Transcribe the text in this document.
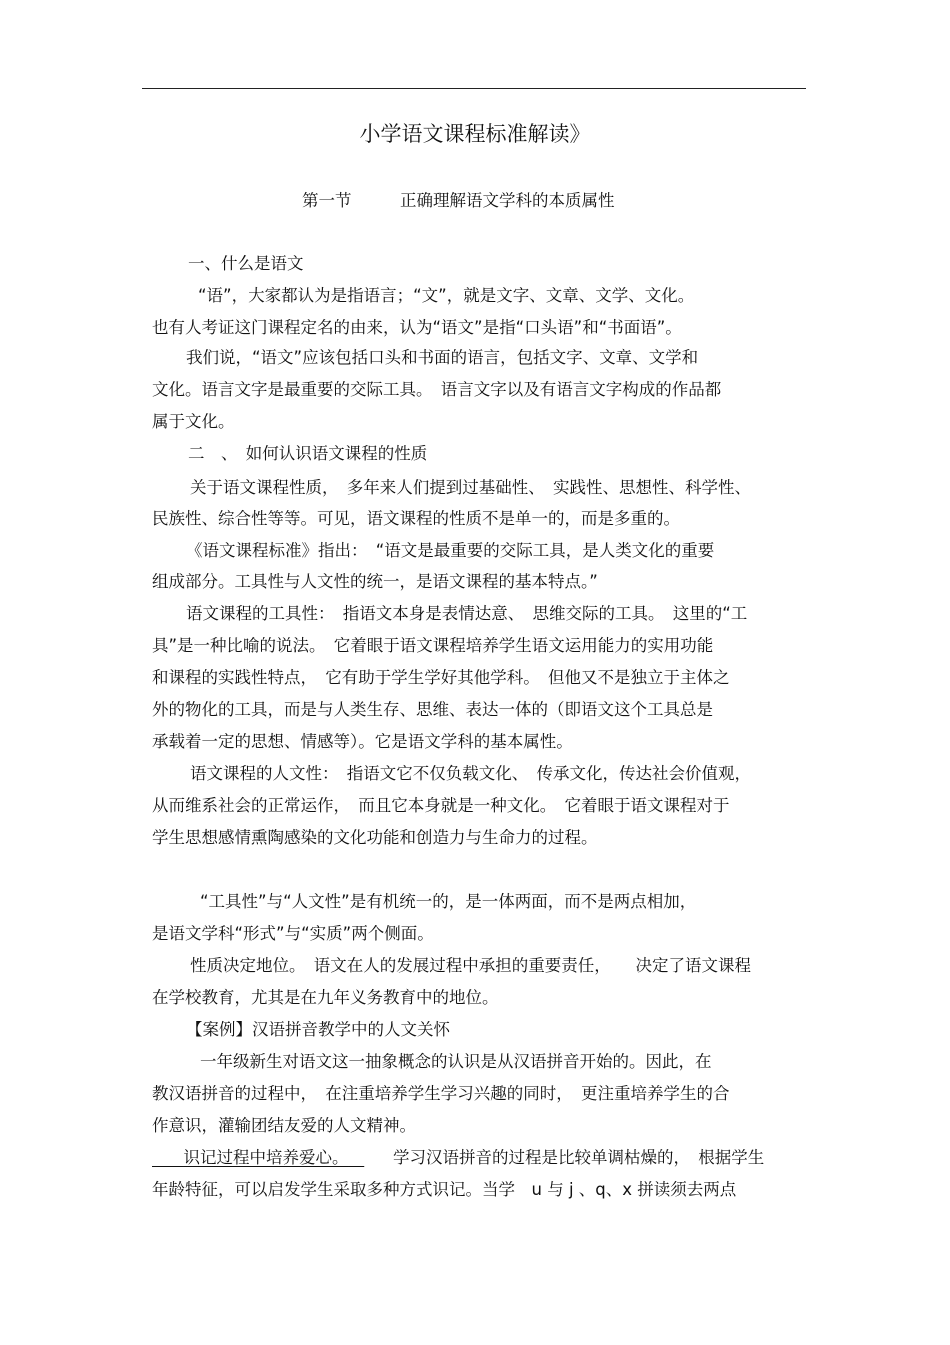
小学语文课程标准解读》
第一节	正确理解语文学科的本质属性
一、什么是语文
“语”，大家都认为是指语言；“文”，就是文字、文章、文学、文化。
也有人考证这门课程定名的由来，认为“语文”是指“口头语”和“书面语”。
我们说，“语文”应该包括口头和书面的语言，包括文字、文章、文学和
文化。语言文字是最重要的交际工具。　语言文字以及有语言文字构成的作品都
属于文化。
二　、　如何认识语文课程的性质
关于语文课程性质，　多年来人们提到过基础性、　实践性、思想性、科学性、
民族性、综合性等等。可见，语文课程的性质不是单一的，而是多重的。
《语文课程标准》指出：　“语文是最重要的交际工具，是人类文化的重要
组成部分。工具性与人文性的统一，是语文课程的基本特点。”
语文课程的工具性：　指语文本身是表情达意、　思维交际的工具。　这里的“工
具”是一种比喻的说法。　它着眼于语文课程培养学生语文运用能力的实用功能
和课程的实践性特点，　它有助于学生学好其他学科。　但他又不是独立于主体之
外的物化的工具，而是与人类生存、思维、表达一体的（即语文这个工具总是
承载着一定的思想、情感等）。它是语文学科的基本属性。
语文课程的人文性：　指语文它不仅负载文化、　传承文化，传达社会价值观，
从而维系社会的正常运作，　而且它本身就是一种文化。　它着眼于语文课程对于
学生思想感情熏陶感染的文化功能和创造力与生命力的过程。
“工具性”与“人文性”是有机统一的，是一体两面，而不是两点相加，
是语文学科“形式”与“实质”两个侧面。
性质决定地位。　语文在人的发展过程中承担的重要责任，　　决定了语文课程
在学校教育，尤其是在九年义务教育中的地位。
【案例】汉语拼音教学中的人文关怀
一年级新生对语文这一抽象概念的认识是从汉语拼音开始的。因此，在
教汉语拼音的过程中，　在注重培养学生学习兴趣的同时，　更注重培养学生的合
作意识，灌输团结友爱的人文精神。
识记过程中培养爱心。	学习汉语拼音的过程是比较单调枯燥的，　根据学生
年龄特征，可以启发学生采取多种方式识记。当学　u 与 j 、q、x 拼读须去两点
